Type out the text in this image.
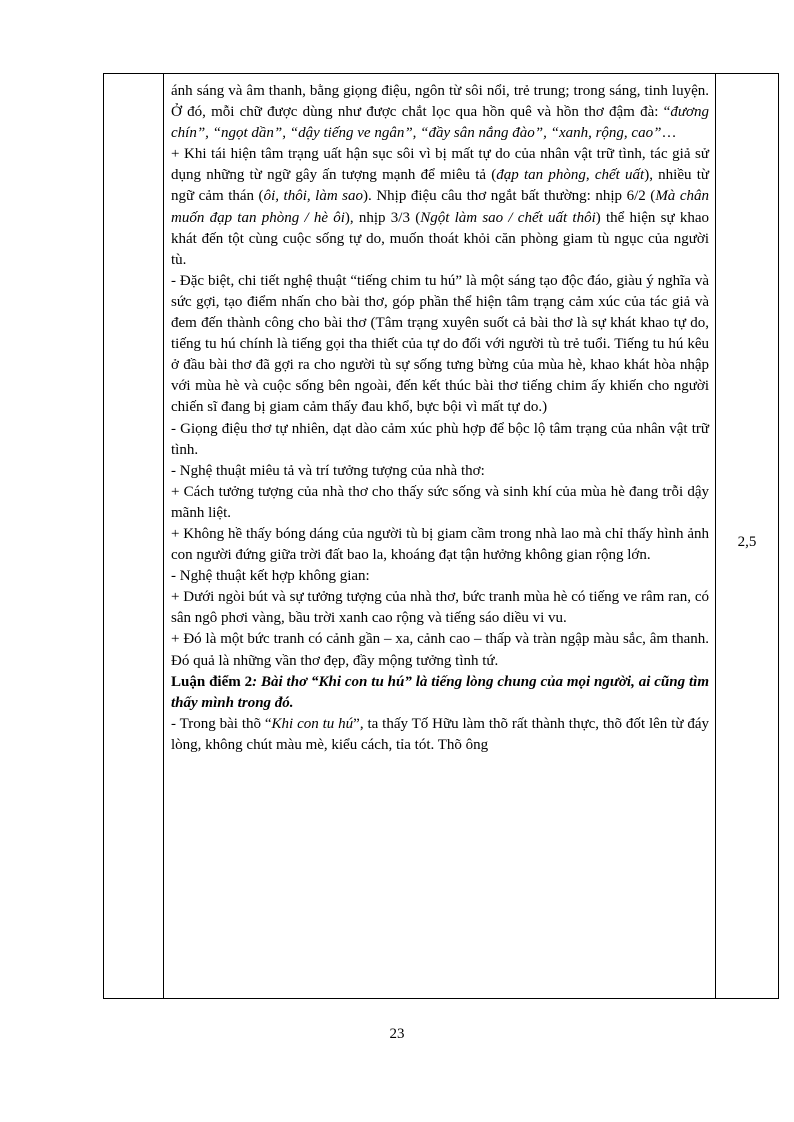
ánh sáng và âm thanh, bằng giọng điệu, ngôn từ sôi nổi, trẻ trung; trong sáng, tinh luyện. Ở đó, mỗi chữ được dùng như được chắt lọc qua hồn quê và hồn thơ đậm đà: “đương chín”, “ngọt dần”, “dậy tiếng ve ngân”, “đầy sân nắng đào”, “xanh, rộng, cao”…

+ Khi tái hiện tâm trạng uất hận sục sôi vì bị mất tự do của nhân vật trữ tình, tác giả sử dụng những từ ngữ gây ấn tượng mạnh để miêu tả (đạp tan phòng, chết uất), nhiều từ ngữ cảm thán (ôi, thôi, làm sao). Nhịp điệu câu thơ ngắt bất thường: nhịp 6/2 (Mà chân muốn đạp tan phòng / hè ôi), nhịp 3/3 (Ngột làm sao / chết uất thôi) thể hiện sự khao khát đến tột cùng cuộc sống tự do, muốn thoát khỏi căn phòng giam tù ngục của người tù.

- Đặc biệt, chi tiết nghệ thuật “tiếng chim tu hú” là một sáng tạo độc đáo, giàu ý nghĩa và sức gợi, tạo điểm nhấn cho bài thơ, góp phần thể hiện tâm trạng cảm xúc của tác giả và đem đến thành công cho bài thơ (Tâm trạng xuyên suốt cả bài thơ là sự khát khao tự do, tiếng tu hú chính là tiếng gọi tha thiết của tự do đối với người tù trẻ tuổi. Tiếng tu hú kêu ở đầu bài thơ đã gợi ra cho người tù sự sống tưng bừng của mùa hè, khao khát hòa nhập với mùa hè và cuộc sống bên ngoài, đến kết thúc bài thơ tiếng chim ấy khiến cho người chiến sĩ đang bị giam cảm thấy đau khổ, bực bội vì mất tự do.)

- Giọng điệu thơ tự nhiên, dạt dào cảm xúc phù hợp để bộc lộ tâm trạng của nhân vật trữ tình.

- Nghệ thuật miêu tả và trí tưởng tượng của nhà thơ:

+ Cách tưởng tượng của nhà thơ cho thấy sức sống và sinh khí của mùa hè đang trỗi dậy mãnh liệt.

+ Không hề thấy bóng dáng của người tù bị giam cầm trong nhà lao mà chỉ thấy hình ảnh con người đứng giữa trời đất bao la, khoáng đạt tận hưởng không gian rộng lớn.

- Nghệ thuật kết hợp không gian:

+ Dưới ngòi bút và sự tưởng tượng của nhà thơ, bức tranh mùa hè có tiếng ve râm ran, có sân ngô phơi vàng, bầu trời xanh cao rộng và tiếng sáo diều vi vu.

+ Đó là một bức tranh có cảnh gần – xa, cảnh cao – thấp và tràn ngập màu sắc, âm thanh. Đó quả là những vần thơ đẹp, đầy mộng tưởng tình tứ.

Luận điểm 2: Bài thơ “Khi con tu hú” là tiếng lòng chung của mọi người, ai cũng tìm thấy mình trong đó.

- Trong bài thõ “Khi con tu hú”, ta thấy Tố Hữu làm thõ rất thành thực, thõ đốt lên từ đáy lòng, không chút màu mè, kiểu cách, tỉa tót. Thõ ông

	2,5
23
